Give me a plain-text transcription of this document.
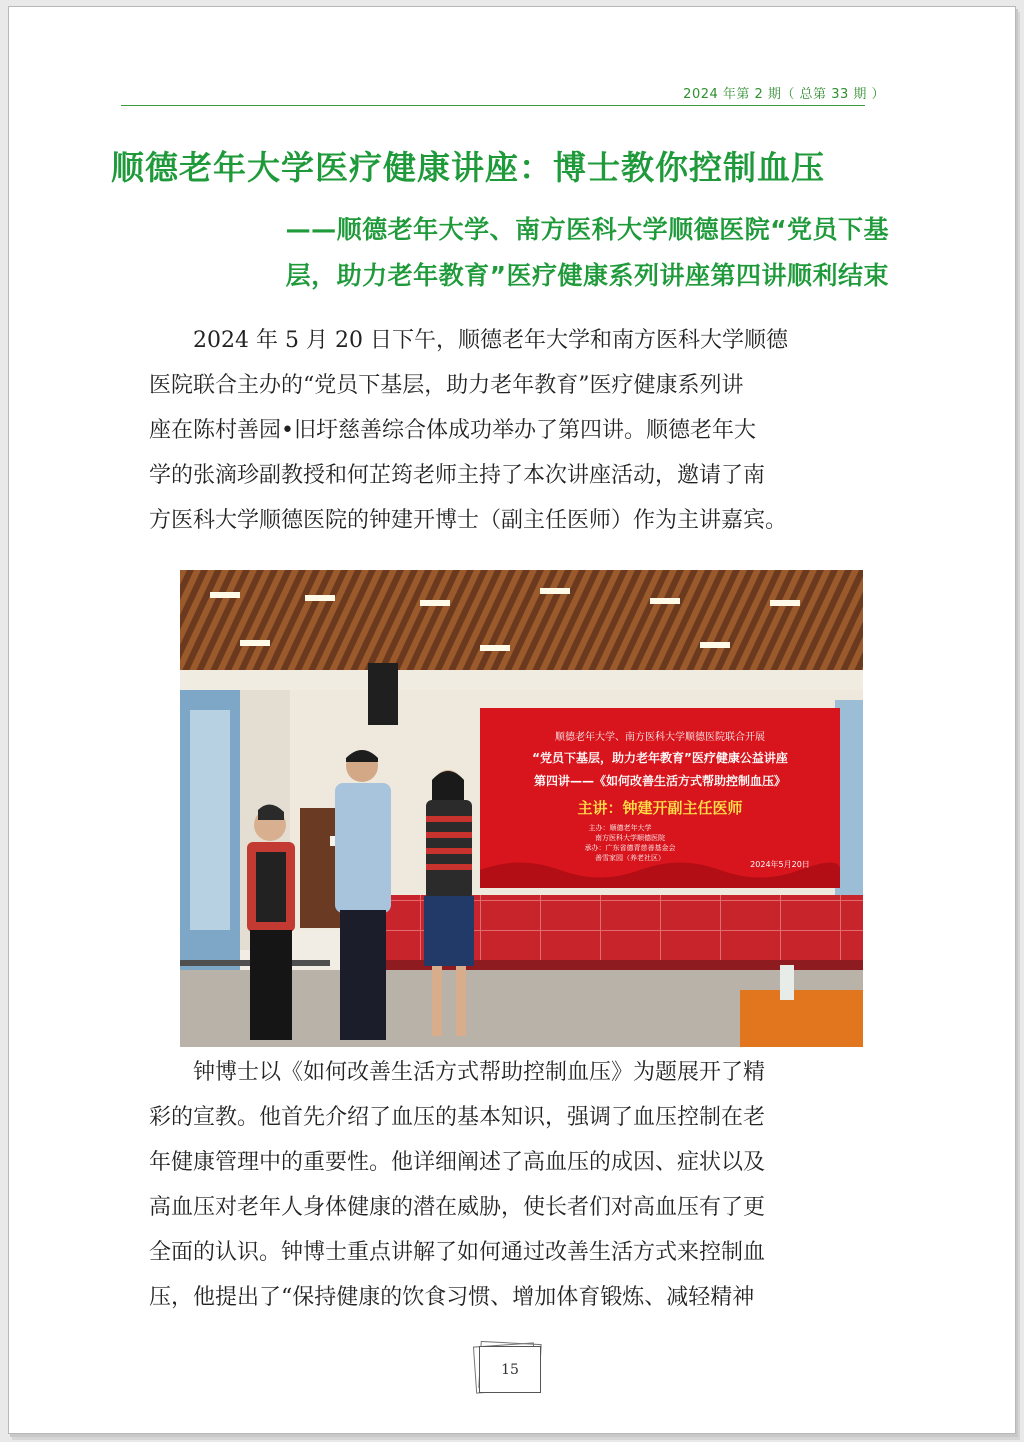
2024 年第 2 期（ 总第 33 期 ）
顺德老年大学医疗健康讲座：博士教你控制血压
——顺德老年大学、南方医科大学顺德医院“党员下基
层，助力老年教育”医疗健康系列讲座第四讲顺利结束
2024 年 5 月 20 日下午，顺德老年大学和南方医科大学顺德
医院联合主办的“党员下基层，助力老年教育”医疗健康系列讲
座在陈村善园•旧圩慈善综合体成功举办了第四讲。顺德老年大
学的张滴珍副教授和何芷筠老师主持了本次讲座活动，邀请了南
方医科大学顺德医院的钟建开博士（副主任医师）作为主讲嘉宾。
顺德老年大学、南方医科大学顺德医院联合开展
“党员下基层，助力老年教育”医疗健康公益讲座
第四讲——《如何改善生活方式帮助控制血压》
主讲：钟建开副主任医师
主办：顺德老年大学
南方医科大学顺德医院
承办：广东省德青慈善基金会
善雪家园（养老社区）
2024年5月20日
钟博士以《如何改善生活方式帮助控制血压》为题展开了精
彩的宣教。他首先介绍了血压的基本知识，强调了血压控制在老
年健康管理中的重要性。他详细阐述了高血压的成因、症状以及
高血压对老年人身体健康的潜在威胁，使长者们对高血压有了更
全面的认识。钟博士重点讲解了如何通过改善生活方式来控制血
压，他提出了“保持健康的饮食习惯、增加体育锻炼、减轻精神
15
